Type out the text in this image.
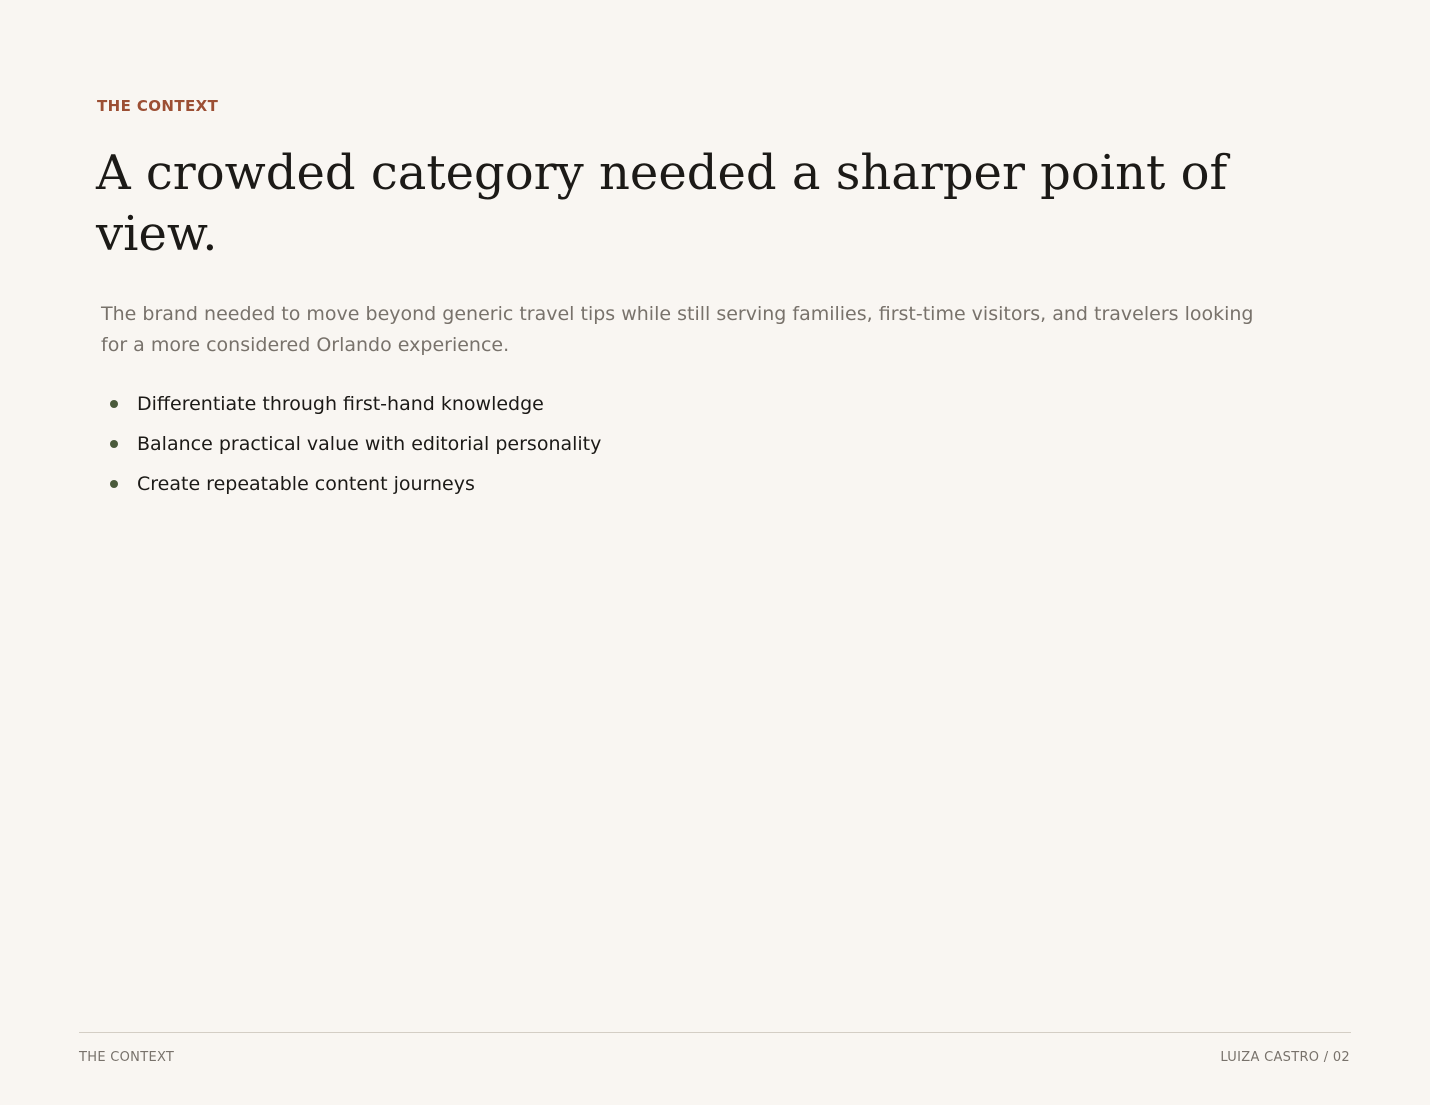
THE CONTEXT

A crowded category needed a sharper point of view.

The brand needed to move beyond generic travel tips while still serving families, first-time visitors, and travelers looking for a more considered Orlando experience.

Differentiate through first-hand knowledge
Balance practical value with editorial personality
Create repeatable content journeys
THE CONTEXT	LUIZA CASTRO / 02
